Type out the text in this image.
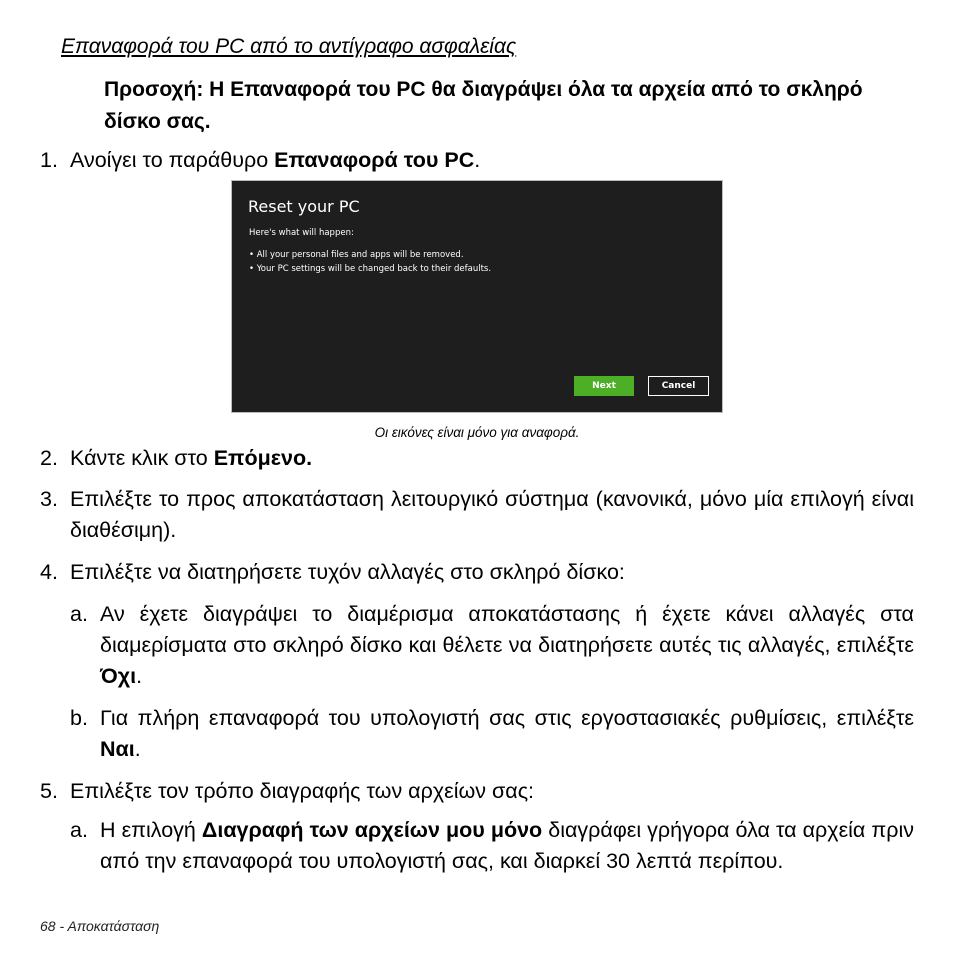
Επαναφορά του PC από το αντίγραφο ασφαλείας
Προσοχή: Η Επαναφορά του PC θα διαγράψει όλα τα αρχεία από το σκληρό δίσκο σας.
1. Ανοίγει το παράθυρο Επαναφορά του PC.
Reset your PC
Here's what will happen:
• All your personal files and apps will be removed.
• Your PC settings will be changed back to their defaults.
Next	Cancel
Οι εικόνες είναι μόνο για αναφορά.
2. Κάντε κλικ στο Επόμενο.
3. Επιλέξτε το προς αποκατάσταση λειτουργικό σύστημα (κανονικά, μόνο μία επιλογή είναι διαθέσιμη).
4. Επιλέξτε να διατηρήσετε τυχόν αλλαγές στο σκληρό δίσκο:
a. Αν έχετε διαγράψει το διαμέρισμα αποκατάστασης ή έχετε κάνει αλλαγές στα διαμερίσματα στο σκληρό δίσκο και θέλετε να διατηρήσετε αυτές τις αλλαγές, επιλέξτε Όχι.
b. Για πλήρη επαναφορά του υπολογιστή σας στις εργοστασιακές ρυθμίσεις, επιλέξτε Ναι.
5. Επιλέξτε τον τρόπο διαγραφής των αρχείων σας:
a. Η επιλογή Διαγραφή των αρχείων μου μόνο διαγράφει γρήγορα όλα τα αρχεία πριν από την επαναφορά του υπολογιστή σας, και διαρκεί 30 λεπτά περίπου.
68 - Αποκατάσταση
